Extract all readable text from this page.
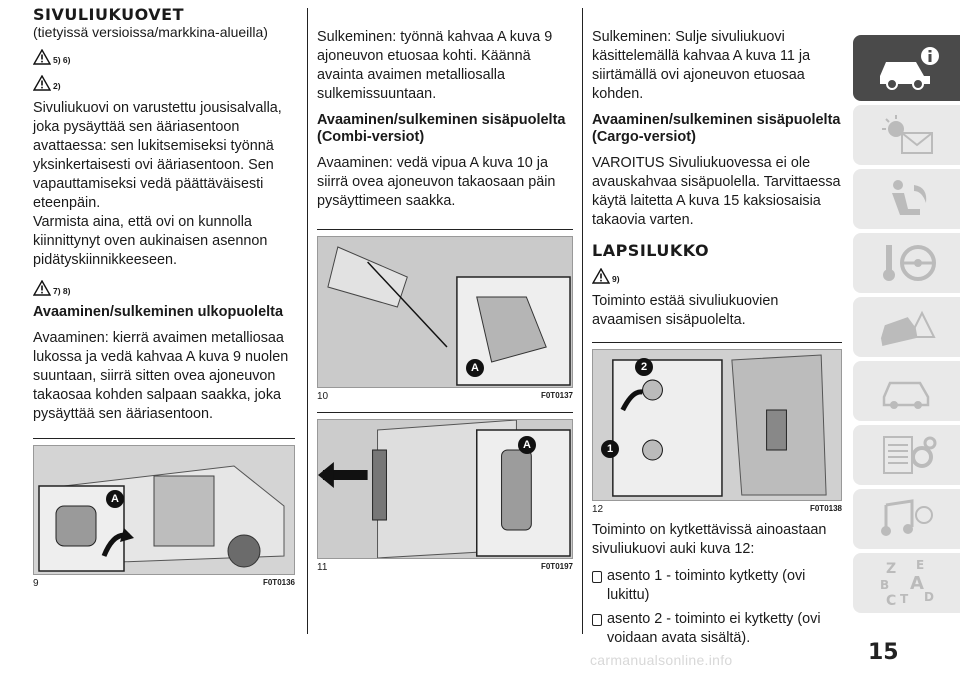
SIVULIUKUOVET
(tietyissä versioissa/markkina-alueilla)
5) 6)
2)

Sivuliukuovi on varustettu jousisalvalla, joka pysäyttää sen ääriasentoon avattaessa: sen lukitsemiseksi työnnä yksinkertaisesti ovi ääriasentoon. Sen vapauttamiseksi vedä päättäväisesti eteenpäin.

Varmista aina, että ovi on kunnolla kiinnittynyt oven aukinaisen asennon pidätyskiinnikkeeseen.

7) 8)
Avaaminen/sulkeminen ulkopuolelta

Avaaminen: kierrä avaimen metalliosaa lukossa ja vedä kahvaa A kuva 9 nuolen suuntaan, siirrä sitten ovea ajoneuvon takaosaa kohden salpaan saakka, joka pysäyttää sen ääriasentoon.

A
9	F0T0136

Sulkeminen: työnnä kahvaa A kuva 9 ajoneuvon etuosaa kohti. Käännä avainta avaimen metalliosalla sulkemissuuntaan.

Avaaminen/sulkeminen sisäpuolelta (Combi-versiot)

Avaaminen: vedä vipua A kuva 10 ja siirrä ovea ajoneuvon takaosaan päin pysäyttimeen saakka.

A
10	F0T0137
A
11	F0T0197

Sulkeminen: Sulje sivuliukuovi käsittelemällä kahvaa A kuva 11 ja siirtämällä ovi ajoneuvon etuosaa kohden.

Avaaminen/sulkeminen sisäpuolelta (Cargo-versiot)

VAROITUS Sivuliukuovessa ei ole avauskahvaa sisäpuolella. Tarvittaessa käytä laitetta A kuva 15 kaksiosaisia takaovia varten.

LAPSILUKKO
9)

Toiminto estää sivuliukuovien avaamisen sisäpuolelta.

2
1
12	F0T0138

Toiminto on kytkettävissä ainoastaan sivuliukuovi auki kuva 12:

asento 1 - toiminto kytketty (ovi lukittu)
asento 2 - toiminto ei kytketty (ovi voidaan avata sisältä).
Z E
B A
C T D
15
carmanualsonline.info
